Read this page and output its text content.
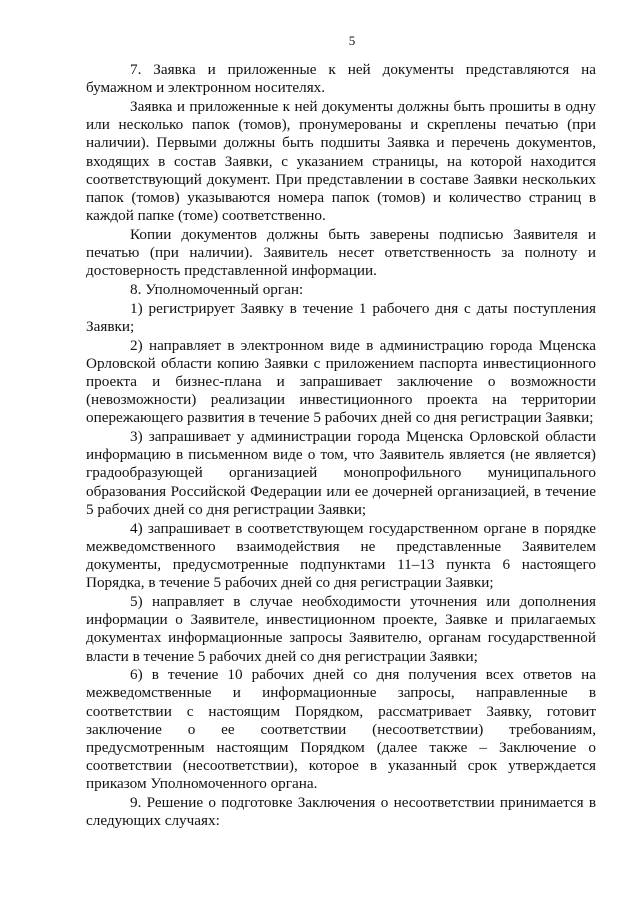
5

7. Заявка и приложенные к ней документы представляются на бумажном и электронном носителях.

Заявка и приложенные к ней документы должны быть прошиты в одну или несколько папок (томов), пронумерованы и скреплены печатью (при наличии). Первыми должны быть подшиты Заявка и перечень документов, входящих в состав Заявки, с указанием страницы, на которой находится соответствующий документ. При представлении в составе Заявки нескольких папок (томов) указываются номера папок (томов) и количество страниц в каждой папке (томе) соответственно.

Копии документов должны быть заверены подписью Заявителя и печатью (при наличии). Заявитель несет ответственность за полноту и достоверность представленной информации.

8. Уполномоченный орган:

1) регистрирует Заявку в течение 1 рабочего дня с даты поступления Заявки;

2) направляет в электронном виде в администрацию города Мценска Орловской области копию Заявки с приложением паспорта инвестиционного проекта и бизнес-плана и запрашивает заключение о возможности (невозможности) реализации инвестиционного проекта на территории опережающего развития в течение 5 рабочих дней со дня регистрации Заявки;

3) запрашивает у администрации города Мценска Орловской области информацию в письменном виде о том, что Заявитель является (не является) градообразующей организацией монопрофильного муниципального образования Российской Федерации или ее дочерней организацией, в течение 5 рабочих дней со дня регистрации Заявки;

4) запрашивает в соответствующем государственном органе в порядке межведомственного взаимодействия не представленные Заявителем документы, предусмотренные подпунктами 11–13 пункта 6 настоящего Порядка, в течение 5 рабочих дней со дня регистрации Заявки;

5) направляет в случае необходимости уточнения или дополнения информации о Заявителе, инвестиционном проекте, Заявке и прилагаемых документах информационные запросы Заявителю, органам государственной власти в течение 5 рабочих дней со дня регистрации Заявки;

6) в течение 10 рабочих дней со дня получения всех ответов на межведомственные и информационные запросы, направленные в соответствии с настоящим Порядком, рассматривает Заявку, готовит заключение о ее соответствии (несоответствии) требованиям, предусмотренным настоящим Порядком (далее также – Заключение о соответствии (несоответствии), которое в указанный срок утверждается приказом Уполномоченного органа.

9. Решение о подготовке Заключения о несоответствии принимается в следующих случаях:
